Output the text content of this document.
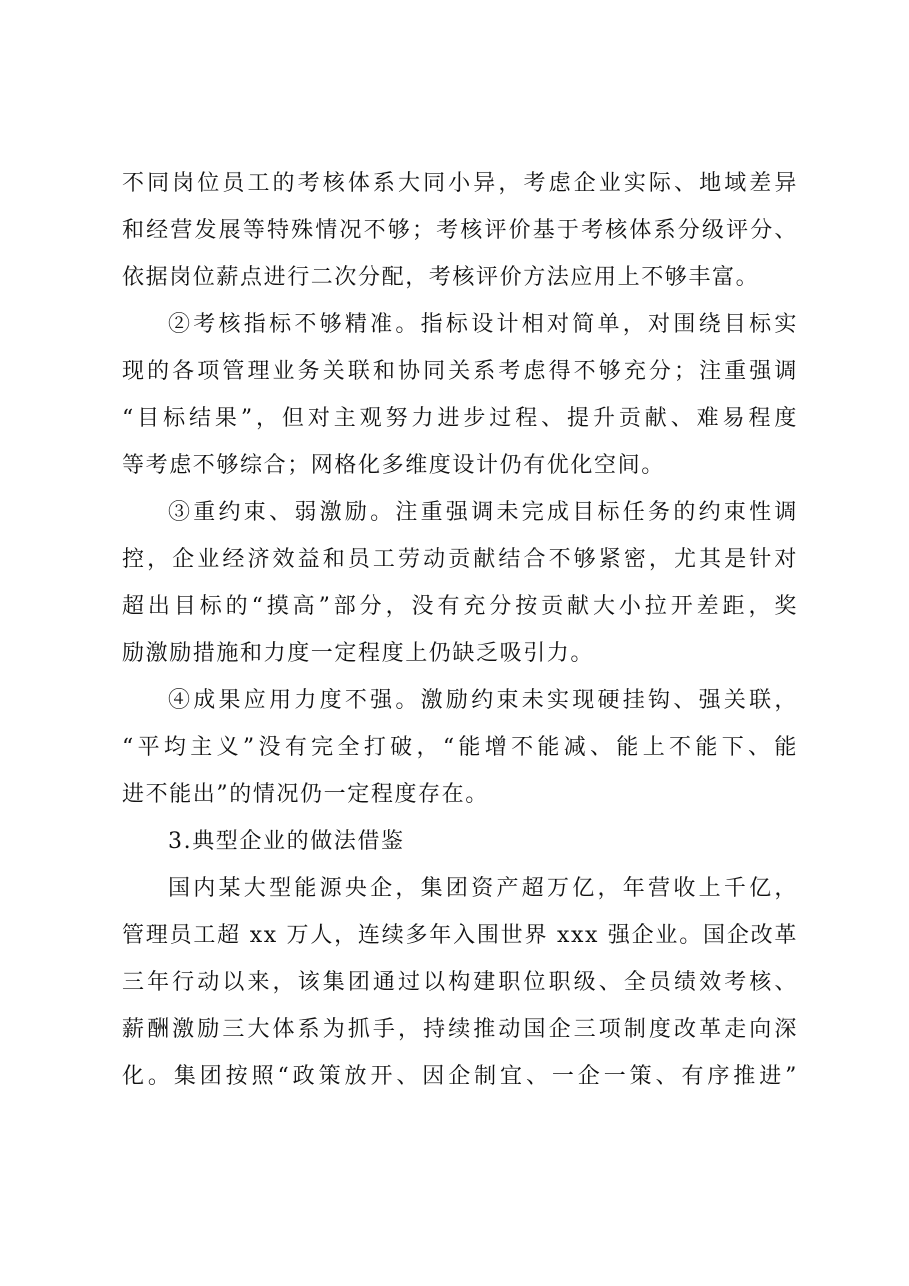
不同岗位员工的考核体系大同小异，考虑企业实际、地域差异
和经营发展等特殊情况不够；考核评价基于考核体系分级评分、
依据岗位薪点进行二次分配，考核评价方法应用上不够丰富。
②考核指标不够精准。指标设计相对简单，对围绕目标实
现的各项管理业务关联和协同关系考虑得不够充分；注重强调
“目标结果”，但对主观努力进步过程、提升贡献、难易程度
等考虑不够综合；网格化多维度设计仍有优化空间。
③重约束、弱激励。注重强调未完成目标任务的约束性调
控，企业经济效益和员工劳动贡献结合不够紧密，尤其是针对
超出目标的“摸高”部分，没有充分按贡献大小拉开差距，奖
励激励措施和力度一定程度上仍缺乏吸引力。
④成果应用力度不强。激励约束未实现硬挂钩、强关联，
“平均主义”没有完全打破，“能增不能减、能上不能下、能
进不能出”的情况仍一定程度存在。
3.典型企业的做法借鉴
国内某大型能源央企，集团资产超万亿，年营收上千亿，
管理员工超 xx 万人，连续多年入围世界 xxx 强企业。国企改革
三年行动以来，该集团通过以构建职位职级、全员绩效考核、
薪酬激励三大体系为抓手，持续推动国企三项制度改革走向深
化。集团按照“政策放开、因企制宜、一企一策、有序推进”
